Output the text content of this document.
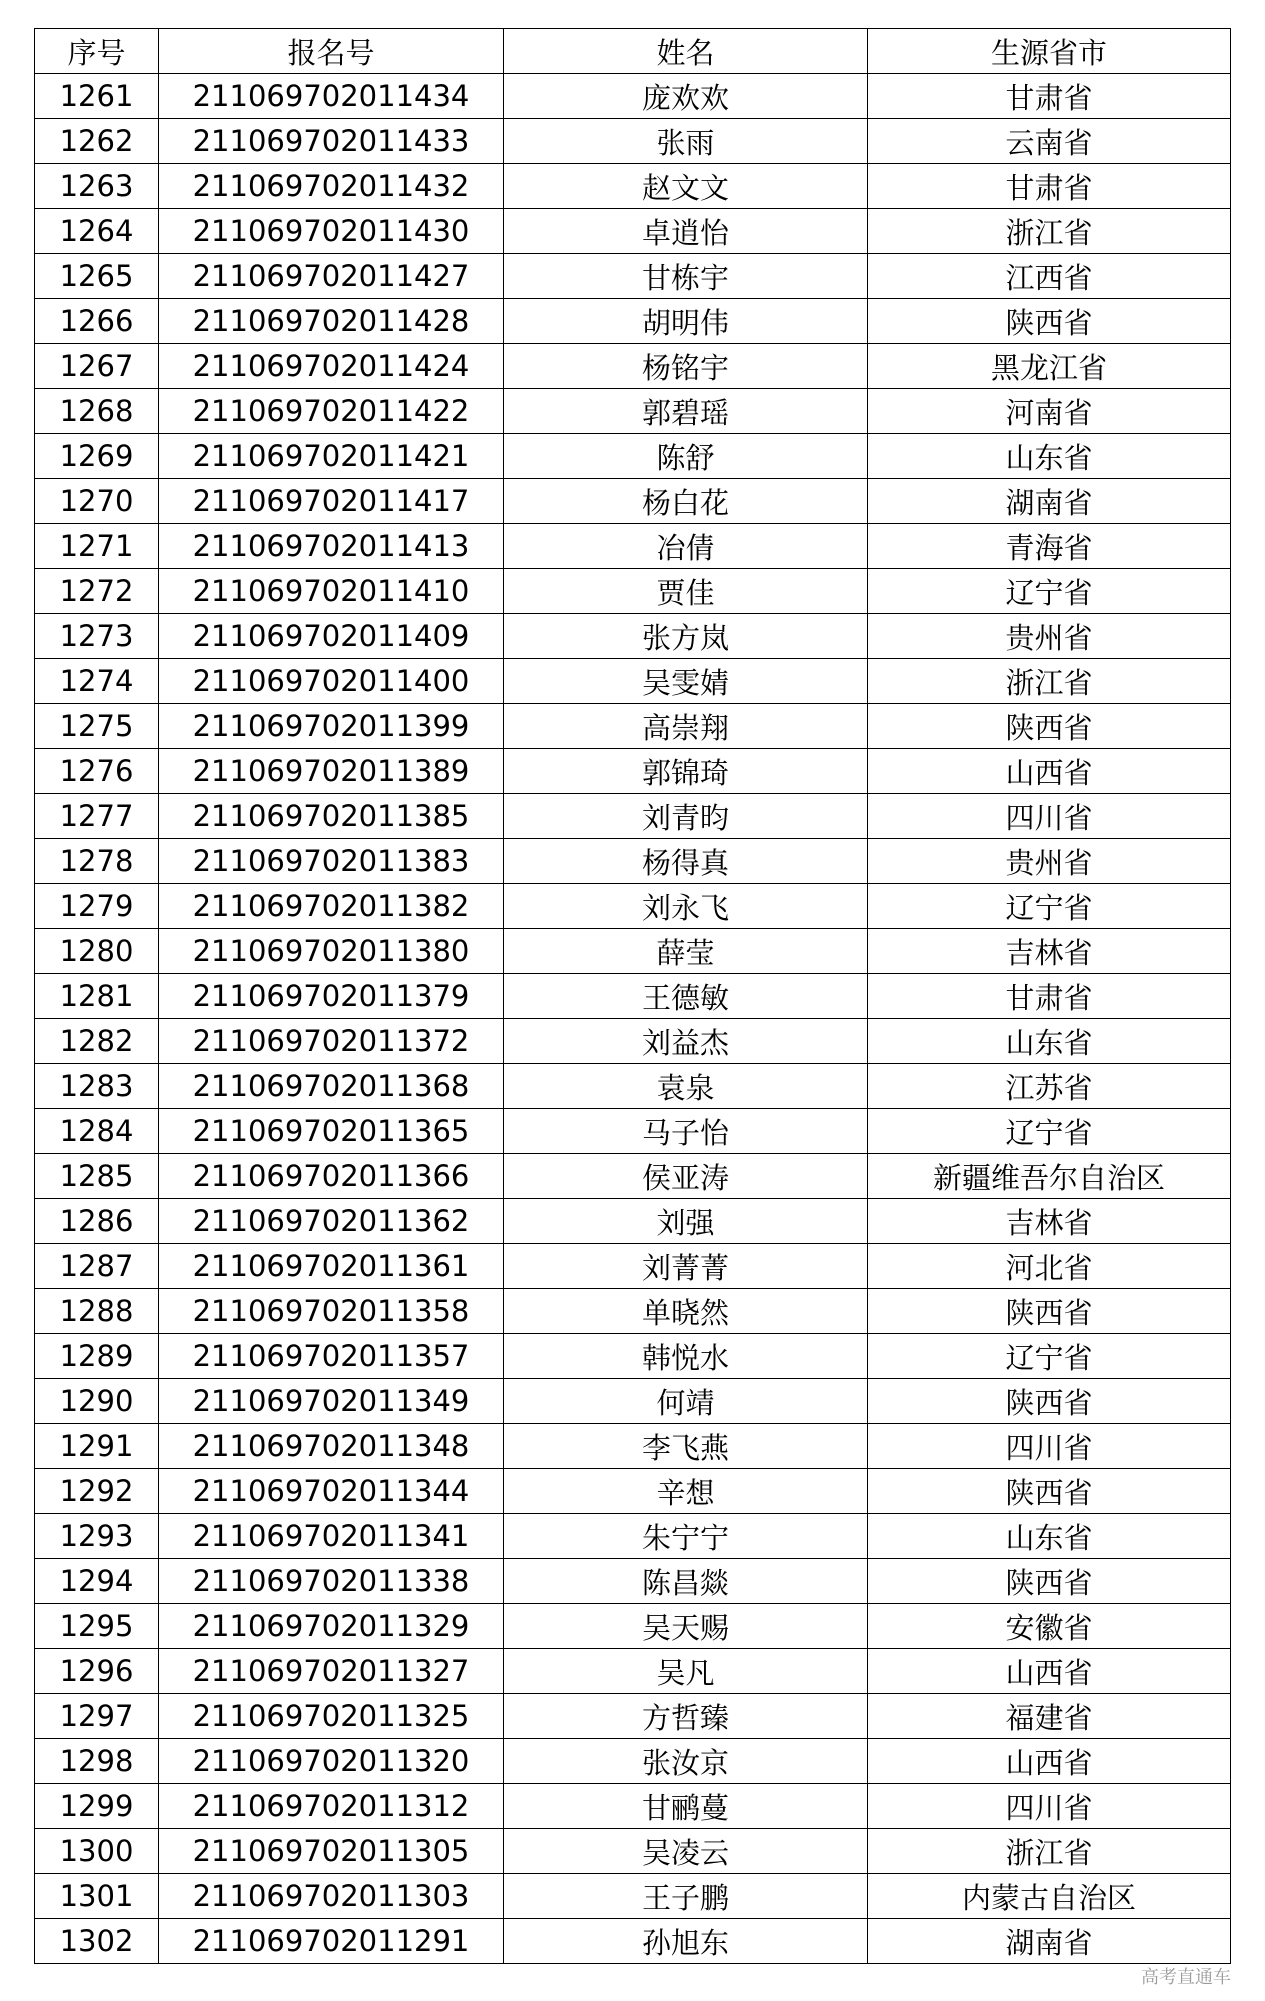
序号	报名号	姓名	生源省市
1261	211069702011434	庞欢欢	甘肃省
1262	211069702011433	张雨	云南省
1263	211069702011432	赵文文	甘肃省
1264	211069702011430	卓逍怡	浙江省
1265	211069702011427	甘栋宇	江西省
1266	211069702011428	胡明伟	陕西省
1267	211069702011424	杨铭宇	黑龙江省
1268	211069702011422	郭碧瑶	河南省
1269	211069702011421	陈舒	山东省
1270	211069702011417	杨白花	湖南省
1271	211069702011413	冶倩	青海省
1272	211069702011410	贾佳	辽宁省
1273	211069702011409	张方岚	贵州省
1274	211069702011400	吴雯婧	浙江省
1275	211069702011399	高崇翔	陕西省
1276	211069702011389	郭锦琦	山西省
1277	211069702011385	刘青昀	四川省
1278	211069702011383	杨得真	贵州省
1279	211069702011382	刘永飞	辽宁省
1280	211069702011380	薛莹	吉林省
1281	211069702011379	王德敏	甘肃省
1282	211069702011372	刘益杰	山东省
1283	211069702011368	袁泉	江苏省
1284	211069702011365	马子怡	辽宁省
1285	211069702011366	侯亚涛	新疆维吾尔自治区
1286	211069702011362	刘强	吉林省
1287	211069702011361	刘菁菁	河北省
1288	211069702011358	单晓然	陕西省
1289	211069702011357	韩悦水	辽宁省
1290	211069702011349	何靖	陕西省
1291	211069702011348	李飞燕	四川省
1292	211069702011344	辛想	陕西省
1293	211069702011341	朱宁宁	山东省
1294	211069702011338	陈昌燚	陕西省
1295	211069702011329	吴天赐	安徽省
1296	211069702011327	吴凡	山西省
1297	211069702011325	方哲臻	福建省
1298	211069702011320	张汝京	山西省
1299	211069702011312	甘鹂蔓	四川省
1300	211069702011305	吴凌云	浙江省
1301	211069702011303	王子鹏	内蒙古自治区
1302	211069702011291	孙旭东	湖南省
高考直通车
